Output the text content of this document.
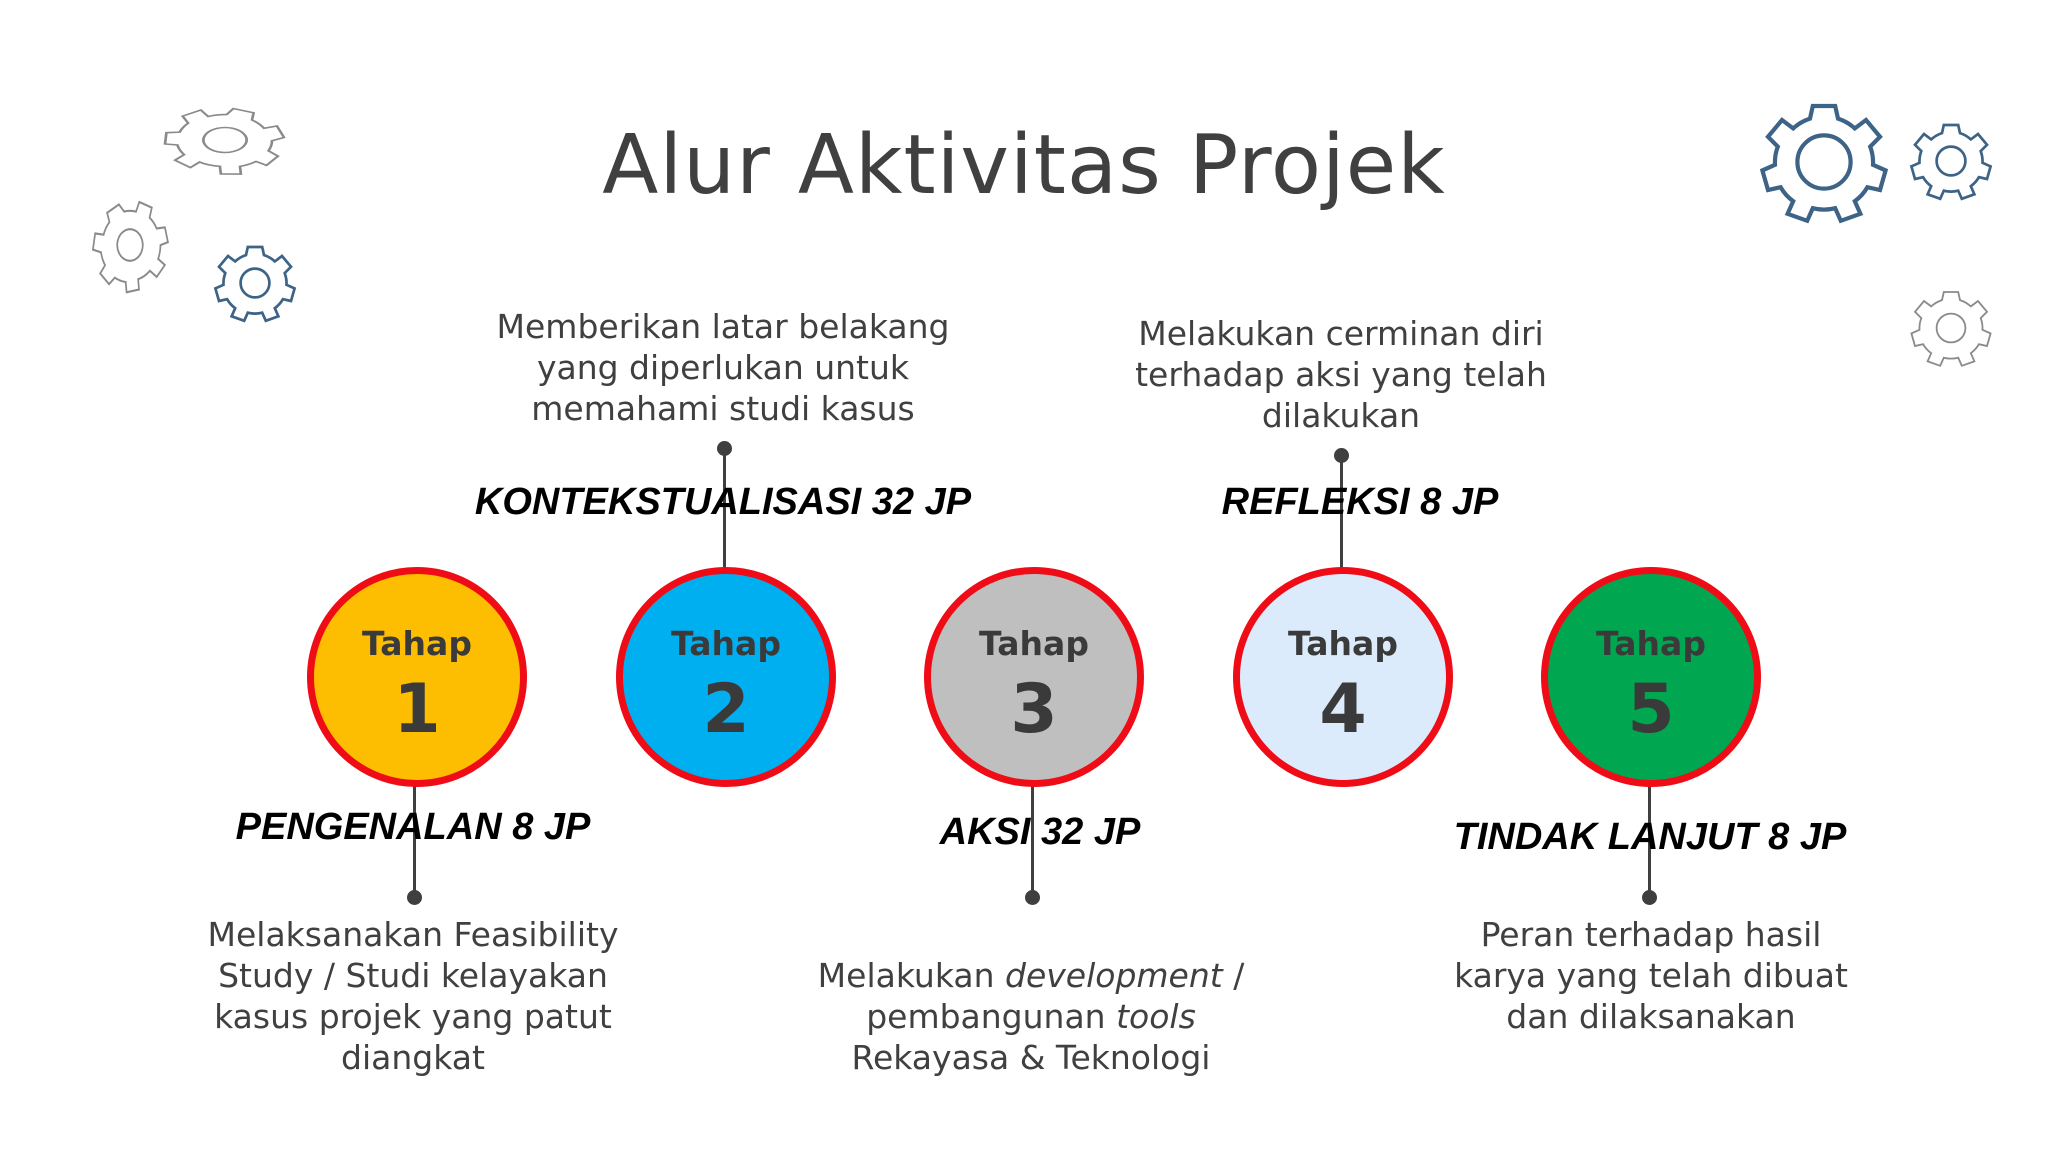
Alur Aktivitas Projek
Tahap
1
Tahap
2
Tahap
3
Tahap
4
Tahap
5
PENGENALAN 8 JP
KONTEKSTUALISASI 32 JP
AKSI 32 JP
REFLEKSI 8 JP
TINDAK LANJUT 8 JP
Melaksanakan Feasibility
Study / Studi kelayakan
kasus projek yang patut
diangkat
Memberikan latar belakang
yang diperlukan untuk
memahami studi kasus

Melakukan development /
pembangunan tools
Rekayasa & Teknologi

Melakukan cerminan diri
terhadap aksi yang telah
dilakukan
Peran terhadap hasil
karya yang telah dibuat
dan dilaksanakan
